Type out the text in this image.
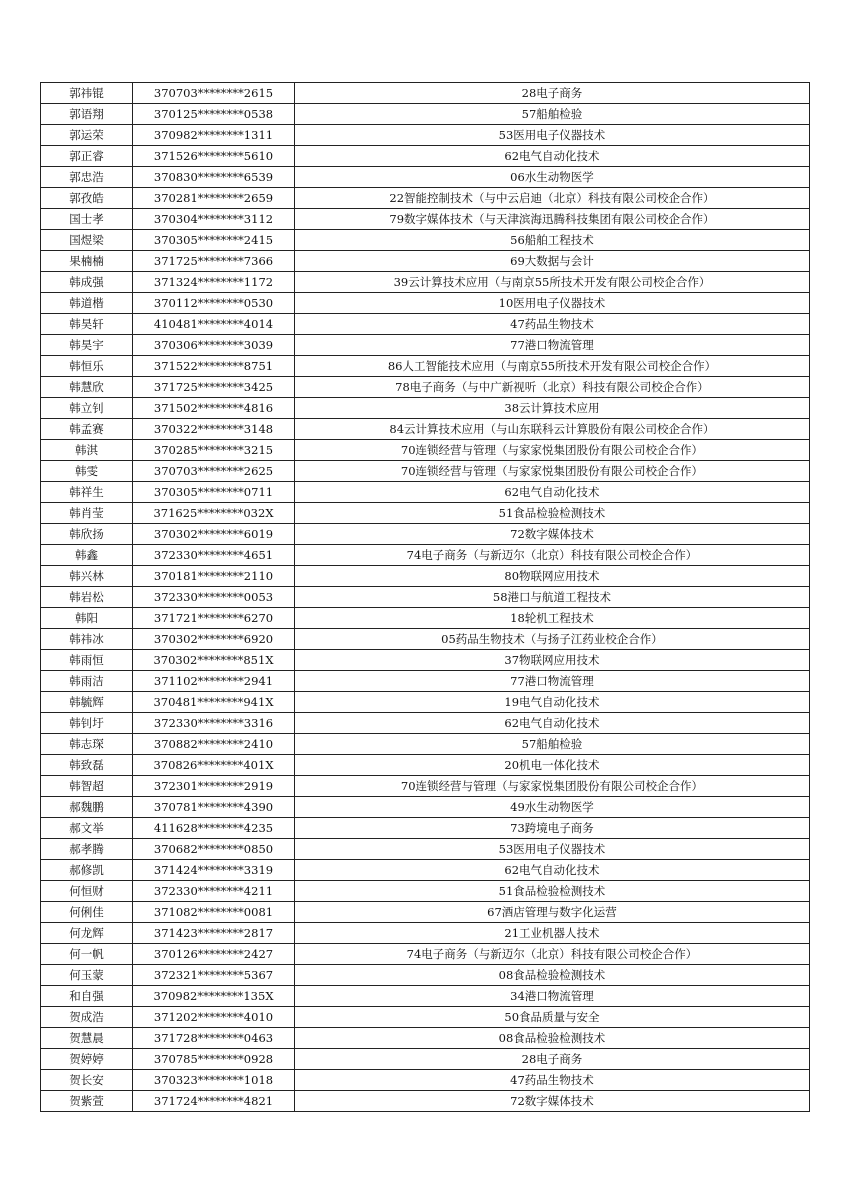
郭祎锟	370703********2615	28电子商务
郭语翔	370125********0538	57船舶检验
郭运荣	370982********1311	53医用电子仪器技术
郭正睿	371526********5610	62电气自动化技术
郭忠浩	370830********6539	06水生动物医学
郭孜皓	370281********2659	22智能控制技术（与中云启迪（北京）科技有限公司校企合作）
国士孝	370304********3112	79数字媒体技术（与天津滨海迅腾科技集团有限公司校企合作）
国煜梁	370305********2415	56船舶工程技术
果楠楠	371725********7366	69大数据与会计
韩成强	371324********1172	39云计算技术应用（与南京55所技术开发有限公司校企合作）
韩道楷	370112********0530	10医用电子仪器技术
韩昊轩	410481********4014	47药品生物技术
韩昊宇	370306********3039	77港口物流管理
韩恒乐	371522********8751	86人工智能技术应用（与南京55所技术开发有限公司校企合作）
韩慧欣	371725********3425	78电子商务（与中广新视听（北京）科技有限公司校企合作）
韩立钊	371502********4816	38云计算技术应用
韩孟赛	370322********3148	84云计算技术应用（与山东联科云计算股份有限公司校企合作）
韩淇	370285********3215	70连锁经营与管理（与家家悦集团股份有限公司校企合作）
韩雯	370703********2625	70连锁经营与管理（与家家悦集团股份有限公司校企合作）
韩祥生	370305********0711	62电气自动化技术
韩肖莹	371625********032X	51食品检验检测技术
韩欣扬	370302********6019	72数字媒体技术
韩鑫	372330********4651	74电子商务（与新迈尔（北京）科技有限公司校企合作）
韩兴林	370181********2110	80物联网应用技术
韩岩松	372330********0053	58港口与航道工程技术
韩阳	371721********6270	18轮机工程技术
韩祎冰	370302********6920	05药品生物技术（与扬子江药业校企合作）
韩雨恒	370302********851X	37物联网应用技术
韩雨洁	371102********2941	77港口物流管理
韩毓辉	370481********941X	19电气自动化技术
韩钊圩	372330********3316	62电气自动化技术
韩志琛	370882********2410	57船舶检验
韩致磊	370826********401X	20机电一体化技术
韩智超	372301********2919	70连锁经营与管理（与家家悦集团股份有限公司校企合作）
郝魏鹏	370781********4390	49水生动物医学
郝文举	411628********4235	73跨境电子商务
郝孝腾	370682********0850	53医用电子仪器技术
郝修凯	371424********3319	62电气自动化技术
何恒财	372330********4211	51食品检验检测技术
何俐佳	371082********0081	67酒店管理与数字化运营
何龙辉	371423********2817	21工业机器人技术
何一帆	370126********2427	74电子商务（与新迈尔（北京）科技有限公司校企合作）
何玉蒙	372321********5367	08食品检验检测技术
和自强	370982********135X	34港口物流管理
贺成浩	371202********4010	50食品质量与安全
贺慧晨	371728********0463	08食品检验检测技术
贺婷婷	370785********0928	28电子商务
贺长安	370323********1018	47药品生物技术
贺紫萱	371724********4821	72数字媒体技术
